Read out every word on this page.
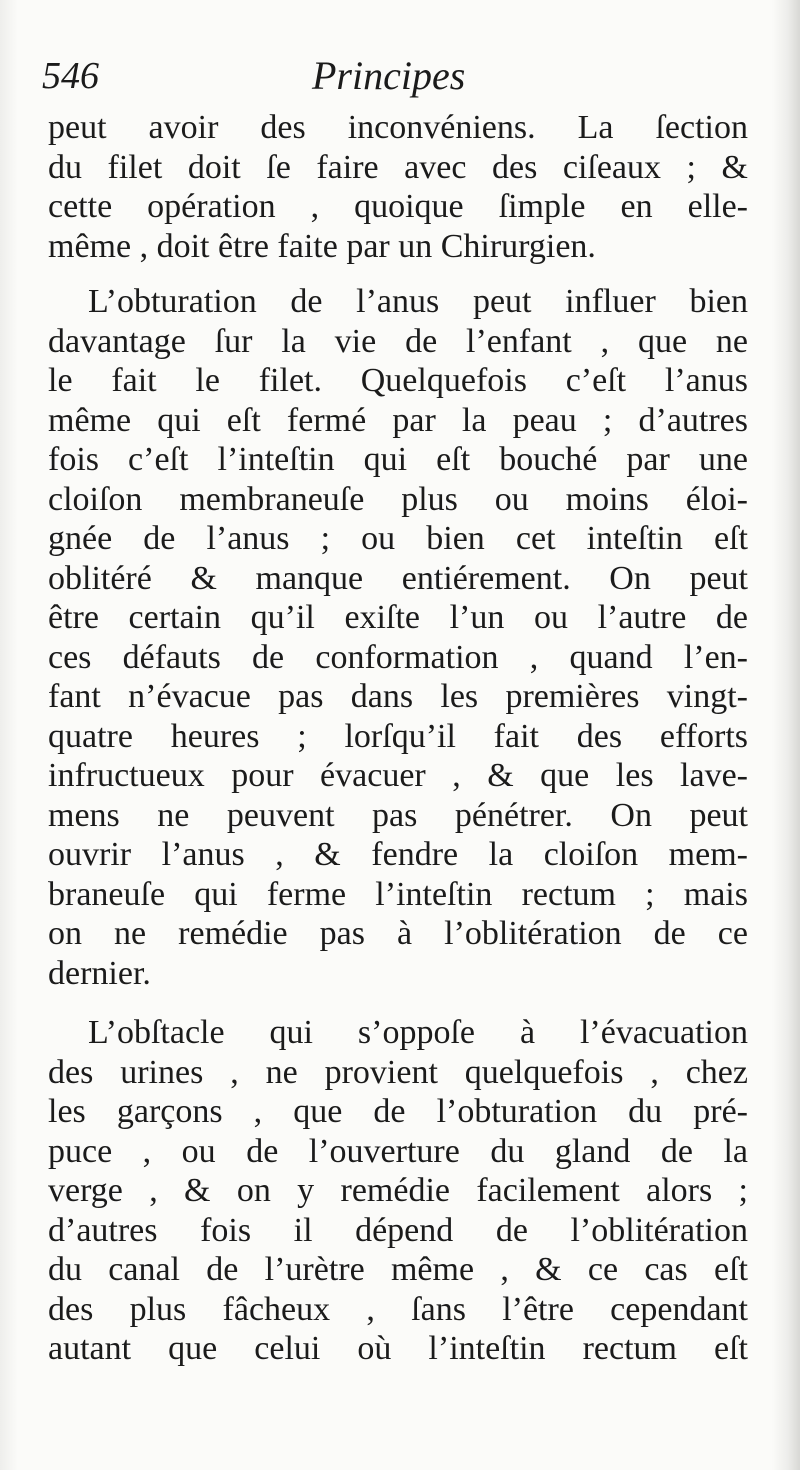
546	Principes

peut avoir des inconvéniens. La ſection
du filet doit ſe faire avec des ciſeaux ; &
cette opération , quoique ſimple en elle-
même , doit être faite par un Chirurgien.

L’obturation de l’anus peut influer bien
davantage ſur la vie de l’enfant , que ne
le fait le filet. Quelquefois c’eſt l’anus
même qui eſt fermé par la peau ; d’autres
fois c’eſt l’inteſtin qui eſt bouché par une
cloiſon membraneuſe plus ou moins éloi-
gnée de l’anus ; ou bien cet inteſtin eſt
oblitéré & manque entiérement. On peut
être certain qu’il exiſte l’un ou l’autre de
ces défauts de conformation , quand l’en-
fant n’évacue pas dans les premières vingt-
quatre heures ; lorſqu’il fait des efforts
infructueux pour évacuer , & que les lave-
mens ne peuvent pas pénétrer. On peut
ouvrir l’anus , & fendre la cloiſon mem-
braneuſe qui ferme l’inteſtin rectum ; mais
on ne remédie pas à l’oblitération de ce
dernier.

L’obſtacle qui s’oppoſe à l’évacuation
des urines , ne provient quelquefois , chez
les garçons , que de l’obturation du pré-
puce , ou de l’ouverture du gland de la
verge , & on y remédie facilement alors ;
d’autres fois il dépend de l’oblitération
du canal de l’urètre même , & ce cas eſt
des plus fâcheux , ſans l’être cependant
autant que celui où l’inteſtin rectum eſt
